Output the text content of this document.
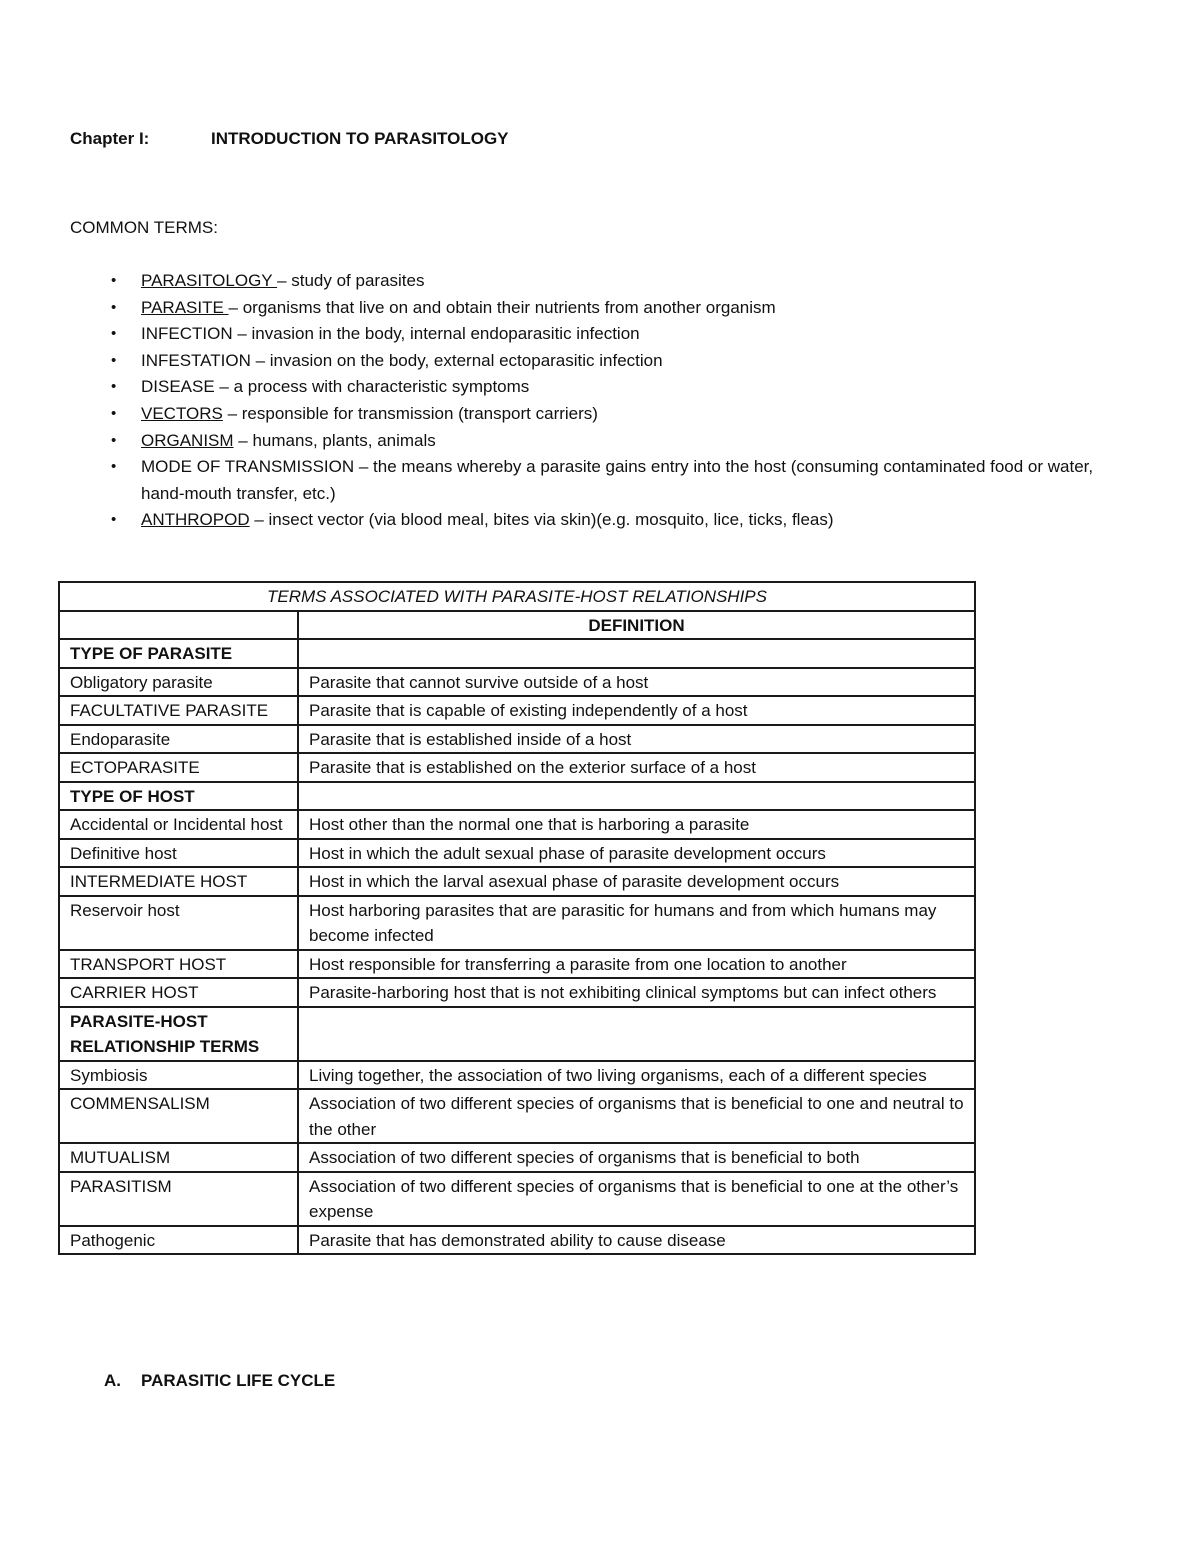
Chapter I:	INTRODUCTION TO PARASITOLOGY
COMMON TERMS:
• PARASITOLOGY – study of parasites
• PARASITE – organisms that live on and obtain their nutrients from another organism
• INFECTION – invasion in the body, internal endoparasitic infection
• INFESTATION – invasion on the body, external ectoparasitic infection
• DISEASE – a process with characteristic symptoms
• VECTORS – responsible for transmission (transport carriers)
• ORGANISM – humans, plants, animals
• MODE OF TRANSMISSION – the means whereby a parasite gains entry into the host (consuming contaminated food or water, hand-mouth transfer, etc.)
• ANTHROPOD – insect vector (via blood meal, bites via skin)(e.g. mosquito, lice, ticks, fleas)
TERMS ASSOCIATED WITH PARASITE-HOST RELATIONSHIPS	
	DEFINITION
TYPE OF PARASITE	
Obligatory parasite	Parasite that cannot survive outside of a host
FACULTATIVE PARASITE	Parasite that is capable of existing independently of a host
Endoparasite	Parasite that is established inside of a host
ECTOPARASITE	Parasite that is established on the exterior surface of a host
TYPE OF HOST	
Accidental or Incidental host	Host other than the normal one that is harboring a parasite
Definitive host	Host in which the adult sexual phase of parasite development occurs
INTERMEDIATE HOST	Host in which the larval asexual phase of parasite development occurs
Reservoir host	Host harboring parasites that are parasitic for humans and from which humans may become infected
TRANSPORT HOST	Host responsible for transferring a parasite from one location to another
CARRIER HOST	Parasite-harboring host that is not exhibiting clinical symptoms but can infect others
PARASITE-HOST RELATIONSHIP TERMS	
Symbiosis	Living together, the association of two living organisms, each of a different species
COMMENSALISM	Association of two different species of organisms that is beneficial to one and neutral to the other
MUTUALISM	Association of two different species of organisms that is beneficial to both
PARASITISM	Association of two different species of organisms that is beneficial to one at the other’s expense
Pathogenic	Parasite that has demonstrated ability to cause disease
A. PARASITIC LIFE CYCLE
